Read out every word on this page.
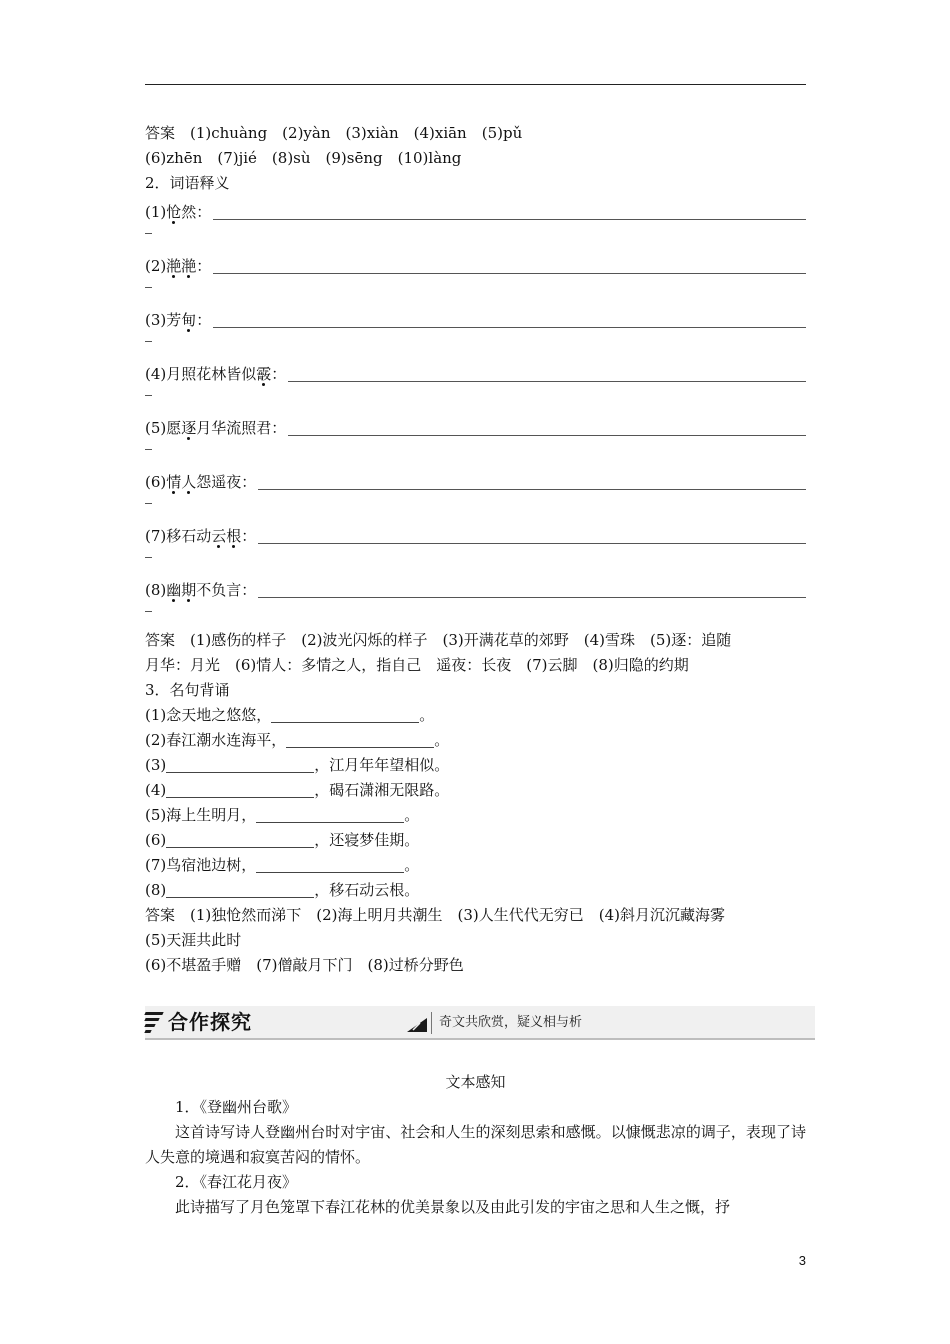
答案　(1)chuàng　(2)yàn　(3)xiàn　(4)xiān　(5)pǔ
(6)zhēn　(7)jié　(8)sù　(9)sēng　(10)làng
2．词语释义
(1)怆然：
(2)滟滟：
(3)芳甸：
(4)月照花林皆似霰：
(5)愿逐月华流照君：
(6)情人怨遥夜：
(7)移石动云根：
(8)幽期不负言：
答案　(1)感伤的样子　(2)波光闪烁的样子　(3)开满花草的郊野　(4)雪珠　(5)逐：追随
月华：月光　(6)情人：多情之人，指自己　遥夜：长夜　(7)云脚　(8)归隐的约期
3．名句背诵
(1)念天地之悠悠，	。
(2)春江潮水连海平，	。
(3)	，江月年年望相似。
(4)	，碣石潇湘无限路。
(5)海上生明月，	。
(6)	，还寝梦佳期。
(7)鸟宿池边树，	。
(8)	，移石动云根。
答案　(1)独怆然而涕下　(2)海上明月共潮生　(3)人生代代无穷已　(4)斜月沉沉藏海雾
(5)天涯共此时
(6)不堪盈手赠　(7)僧敲月下门　(8)过桥分野色
合作探究	奇文共欣赏，疑义相与析
文本感知
1．《登幽州台歌》
这首诗写诗人登幽州台时对宇宙、社会和人生的深刻思索和感慨。以慷慨悲凉的调子，表现了诗人失意的境遇和寂寞苦闷的情怀。
2．《春江花月夜》
此诗描写了月色笼罩下春江花林的优美景象以及由此引发的宇宙之思和人生之慨，抒
3
